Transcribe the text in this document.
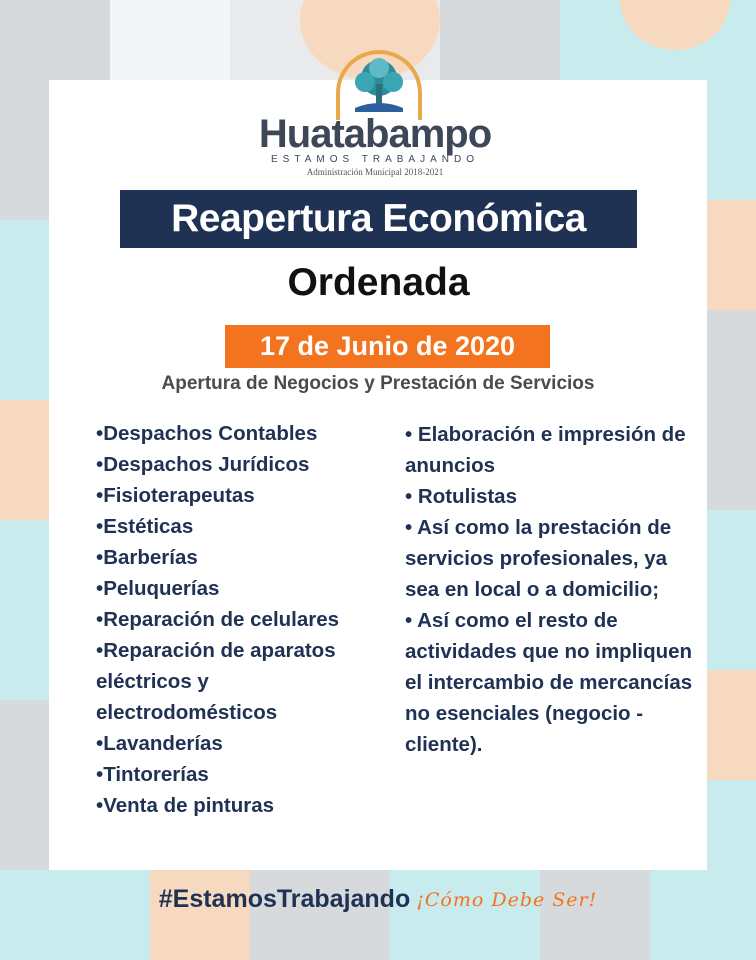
Huatabampo
ESTAMOS TRABAJANDO
Administración Municipal 2018-2021
Reapertura Económica
Ordenada
17 de Junio de 2020
Apertura de Negocios y Prestación de Servicios
•Despachos Contables
•Despachos Jurídicos
•Fisioterapeutas
•Estéticas
•Barberías
•Peluquerías
•Reparación de celulares
•Reparación de aparatos eléctricos y electrodomésticos
•Lavanderías
•Tintorerías
•Venta de pinturas
• Elaboración e impresión de anuncios
• Rotulistas
• Así como la prestación de servicios profesionales, ya sea en local o a domicilio;
• Así como el resto de actividades que no impliquen el intercambio de mercancías no esenciales (negocio - cliente).
#EstamosTrabajando ¡Cómo Debe Ser!
